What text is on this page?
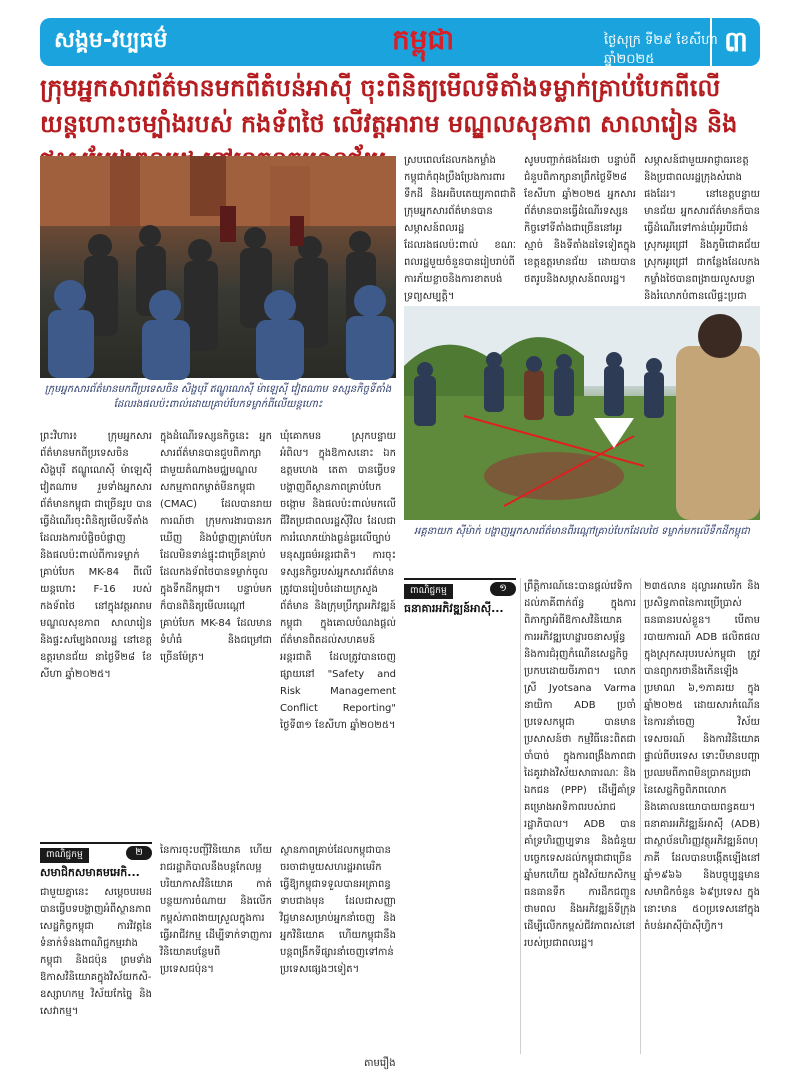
សង្គម-វប្បធម៌	កម្ពុជា	ថ្ងៃសុក្រ ទី២៩ ខែសីហា ឆ្នាំ២០២៥
៣
ក្រុមអ្នកសារព័ត៌មានមកពីតំបន់អាស៊ី ចុះពិនិត្យមើលទីតាំងទម្លាក់គ្រាប់បែកពីលើយន្តហោះចម្បាំងរបស់ កងទ័ពថៃ លើវត្តអារាម មណ្ឌលសុខភាព សាលារៀន និង
ក្រុមអ្នកសារព័ត៌មានមកពីប្រទេសចិន សិង្ហបុរី ឥណ្ឌូណេស៊ី ម៉ាឡេស៊ី វៀតណាម ទស្សនកិច្ចទីតាំងដែលរងផលប៉ះពាល់ដោយគ្រាប់បែកទម្លាក់ពីលើយន្តហោះ
ស្របពេលដែលកងកម្លាំងកម្ពុជាកំពុងប្រឹងប្រែងការពារទឹកដី និងអធិបតេយ្យភាពជាតិ ក្រុមអ្នកសារព័ត៌មានបានសម្ភាសន៍ពលរដ្ឋដែលរងផលប៉ះពាល់ ខណៈពលរដ្ឋមួយចំនួនបានរៀបរាប់ពីការភ័យខ្លាចនិងការខាតបង់ទ្រព្យសម្បត្តិ។
សូមបញ្ជាក់ផងដែរថា បន្ទាប់ពីជំនួបពិភាក្សានាព្រឹកថ្ងៃទី២៨ ខែសីហា ឆ្នាំ២០២៥ អ្នកសារព័ត៌មានបានធ្វើដំណើរទស្សនកិច្ចទៅទីតាំងជាច្រើននៅអូរស្មាច់ និងទីតាំងដទៃទៀតក្នុងខេត្តឧត្តរមានជ័យ ដោយបានថតរូបនិងសម្ភាសន៍ពលរដ្ឋ។
សម្ភាសន៍ជាមួយអាជ្ញាធរខេត្ត និងប្រជាពលរដ្ឋក្រុងសំរោង ផងដែរ។ នៅខេត្តបន្ទាយមានជ័យ អ្នកសារព័ត៌មានក៏បានធ្វើដំណើរទៅកាន់ឃុំអូរបីជាន់ ស្រុកអូរជ្រៅ និងភូមិជោគជ័យ ស្រុកអូរជ្រៅ ជាកន្លែងដែលកងកម្លាំងថៃបានពង្រាយលួសបន្លានិងរំលោភបំពានលើផ្ទះប្រជា
អគ្គនាយក ស៊ីម៉ាក់ បង្ហាញអ្នកសារព័ត៌មានពីរណ្ដៅគ្រាប់បែកដែលថៃ ទម្លាក់មកលើទឹកដីកម្ពុជា
ព្រះវិហារ៖ ក្រុមអ្នកសារព័ត៌មានមកពីប្រទេសចិន សិង្ហបុរី ឥណ្ឌូណេស៊ី ម៉ាឡេស៊ី វៀតណាម រួមទាំងអ្នកសារព័ត៌មានកម្ពុជា ជាច្រើនរូប បានធ្វើដំណើរចុះពិនិត្យមើលទីតាំងដែលរងការបំផ្លិចបំផ្លាញនិងផលប៉ះពាល់ពីការទម្លាក់គ្រាប់បែក MK-84 ពីលើយន្តហោះ F-16 របស់កងទ័ពថៃ នៅក្នុងវត្តអារាម មណ្ឌលសុខភាព សាលារៀន និងផ្ទះសម្បែងពលរដ្ឋ នៅខេត្តឧត្តរមានជ័យ នាថ្ងៃទី២៨ ខែសីហា ឆ្នាំ២០២៥។
ក្នុងដំណើរទស្សនកិច្ចនេះ អ្នកសារព័ត៌មានបានជួបពិភាក្សាជាមួយតំណាងមជ្ឈមណ្ឌលសកម្មភាពកម្ចាត់មីនកម្ពុជា (CMAC) ដែលបានរាយការណ៍ថា ក្រុមការងារបានរកឃើញ និងបំផ្លាញគ្រាប់បែកដែលមិនទាន់ផ្ទុះជាច្រើនគ្រាប់ ដែលកងទ័ពថៃបានទម្លាក់ចូលក្នុងទឹកដីកម្ពុជា។ បន្ទាប់មក ក៏បានពិនិត្យមើលរណ្ដៅគ្រាប់បែក MK-84 ដែលមានទំហំធំ និងជម្រៅជាច្រើនម៉ែត្រ។
ឃុំគោកមន ស្រុកបន្ទាយអំពិល។ ក្នុងឱកាសនោះ ឯកឧត្តមហេង តេតា បានធ្វើបទបង្ហាញពីស្ថានភាពគ្រាប់បែកចង្កោម និងផលប៉ះពាល់មកលើជីវិតប្រជាពលរដ្ឋស៊ីវិល ដែលជាការរំលោភយ៉ាងធ្ងន់ធ្ងរលើច្បាប់មនុស្សធម៌អន្តរជាតិ។ ការចុះទស្សនកិច្ចរបស់អ្នកសារព័ត៌មានត្រូវបានរៀបចំដោយក្រសួងព័ត៌មាន និងក្រុមប្រឹក្សាអភិវឌ្ឍន៍កម្ពុជា ក្នុងគោលបំណងផ្ដល់ព័ត៌មានពិតដល់សហគមន៍អន្តរជាតិ ដែលត្រូវបានចេញផ្សាយនៅ "Safety and Risk Management Conflict Reporting" ថ្ងៃទី៣១ ខែសីហា ឆ្នាំ២០២៥។
ពាណិជ្ជកម្ម	១
ធនាគារអភិវឌ្ឍន៍អាស៊ី...
ព្រឹត្តិការណ៍នេះបានផ្ដល់វេទិកាដល់ភាគីពាក់ព័ន្ធ ក្នុងការពិភាក្សាអំពីឱកាសវិនិយោគ ការអភិវឌ្ឍហេដ្ឋារចនាសម្ព័ន្ធ និងការជំរុញកំណើនសេដ្ឋកិច្ចប្រកបដោយចីរភាព។ លោកស្រី Jyotsana Varma នាយិកា ADB ប្រចាំប្រទេសកម្ពុជា បានមានប្រសាសន៍ថា កម្មវិធីនេះពិតជាចាំបាច់ ក្នុងការពង្រឹងភាពជាដៃគូរវាងវិស័យសាធារណៈ និងឯកជន (PPP) ដើម្បីគាំទ្រគម្រោងអាទិភាពរបស់រាជរដ្ឋាភិបាល។ ADB បានគាំទ្រហិរញ្ញប្បទាន និងជំនួយបច្ចេកទេសដល់កម្ពុជាជាច្រើនឆ្នាំមកហើយ ក្នុងវិស័យកសិកម្ម ធនធានទឹក ការដឹកជញ្ជូន ថាមពល និងអភិវឌ្ឍន៍ទីក្រុង ដើម្បីលើកកម្ពស់ជីវភាពរស់នៅរបស់ប្រជាពលរដ្ឋ។
២៣៥លាន ដុល្លារអាមេរិក និងប្រសិទ្ធភាពនៃការប្រើប្រាស់ធនធានរបស់ខ្លួន។ បើតាមរបាយការណ៍ ADB ផលិតផលក្នុងស្រុកសរុបរបស់កម្ពុជា ត្រូវបានព្យាករថានឹងកើនឡើងប្រមាណ ៦,១ភាគរយ ក្នុងឆ្នាំ២០២៥ ដោយសារកំណើននៃការនាំចេញ វិស័យទេសចរណ៍ និងការវិនិយោគផ្ទាល់ពីបរទេស ទោះបីមានបញ្ហាប្រឈមពីភាពមិនប្រាកដប្រជានៃសេដ្ឋកិច្ចពិភពលោក និងគោលនយោបាយពន្ធគយ។ ធនាគារអភិវឌ្ឍន៍អាស៊ី (ADB) ជាស្ថាប័នហិរញ្ញវត្ថុអភិវឌ្ឍន៍ពហុភាគី ដែលបានបង្កើតឡើងនៅឆ្នាំ១៩៦៦ និងបច្ចុប្បន្នមានសមាជិកចំនួន ៦៩ប្រទេស ក្នុងនោះមាន ៥០ប្រទេសនៅក្នុងតំបន់អាស៊ីប៉ាស៊ីហ្វិក។
ពាណិជ្ជកម្ម	២
សមាជិកសមាគមអេកិ...
ជាមួយគ្នានេះ សម្ដេចបរម​ដបានធ្វើបទបង្ហាញអំពីស្ថានភាពសេដ្ឋកិច្ចកម្ពុជា ការវិវត្តនៃទំនាក់ទំនងពាណិជ្ជកម្មរវាងកម្ពុជា និងជប៉ុន ព្រមទាំងឱកាសវិនិយោគក្នុងវិស័យកសិ-ឧស្សាហកម្ម វិស័យកែច្នៃ និងសេវាកម្ម។
នៃការចុះបញ្ជីវិនិយោគ ហើយរាជរដ្ឋាភិបាលនឹងបន្តកែលម្អបរិយាកាសវិនិយោគ កាត់បន្ថយការចំណាយ និងលើកកម្ពស់ភាពងាយស្រួលក្នុងការធ្វើអាជីវកម្ម ដើម្បីទាក់ទាញការវិនិយោគបន្ថែមពីប្រទេសជប៉ុន។
ស្ថានភាពគ្រាប់ដែលកម្ពុជាបានចរចាជាមួយសហរដ្ឋអាមេរិក ធ្វើឱ្យកម្ពុជាទទួលបានអត្រាពន្ធទាបជាងមុន ដែលជាសញ្ញាវិជ្ជមានសម្រាប់អ្នកនាំចេញ និងអ្នកវិនិយោគ ហើយកម្ពុជានឹងបន្តពង្រីកទីផ្សារនាំចេញទៅកាន់ប្រទេសផ្សេងៗទៀត។
តាមរឿង
